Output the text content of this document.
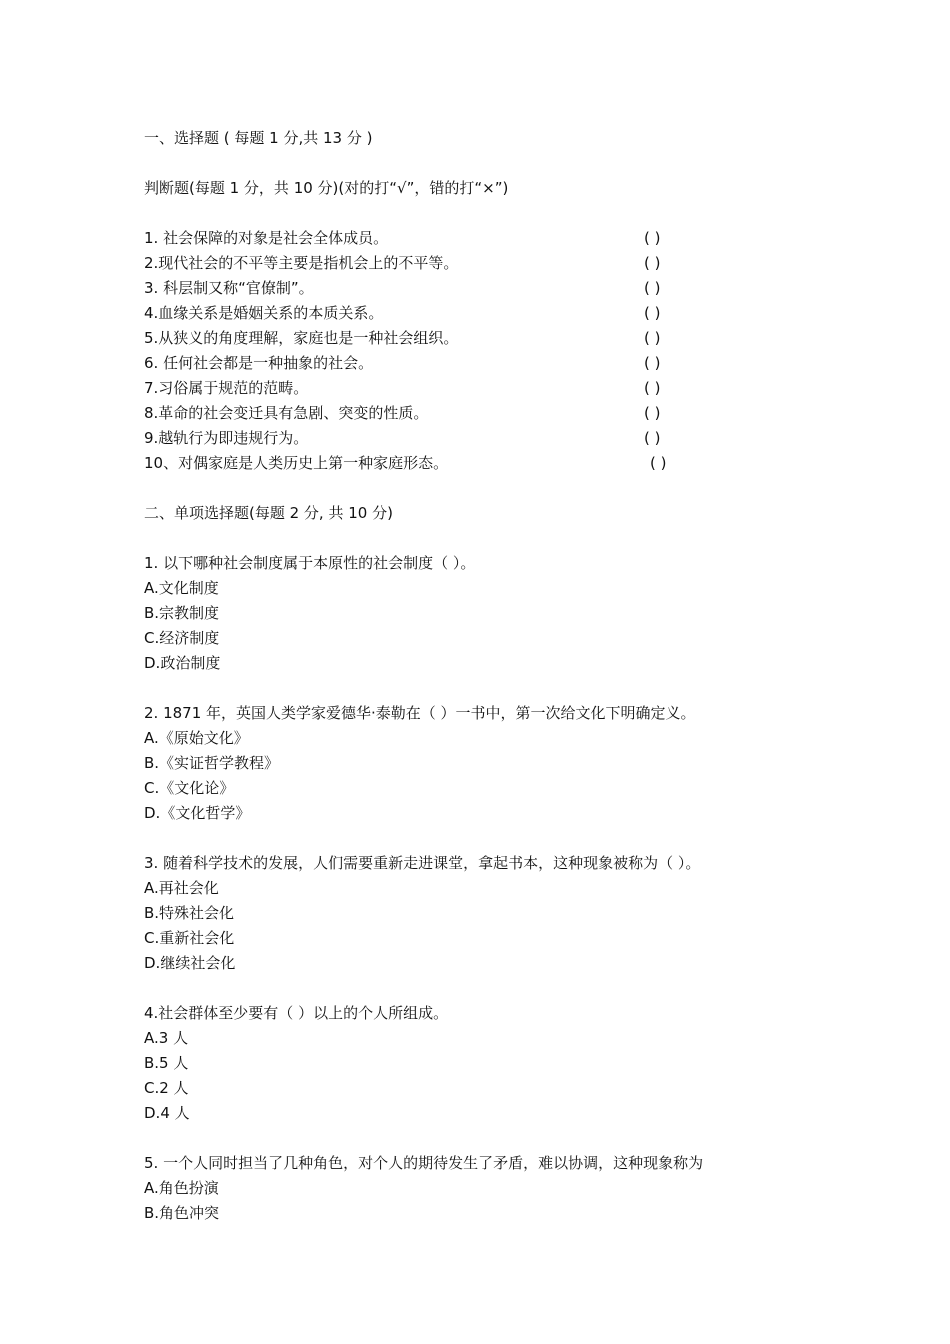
一、选择题 ( 每题 1 分,共 13 分 )
判断题(每题 1 分，共 10 分)(对的打“√”，错的打“×”)
1. 社会保障的对象是社会全体成员。	( )
2.现代社会的不平等主要是指机会上的不平等。	( )
3. 科层制又称“官僚制”。	( )
4.血缘关系是婚姻关系的本质关系。	( )
5.从狭义的角度理解，家庭也是一种社会组织。	( )
6. 任何社会都是一种抽象的社会。	( )
7.习俗属于规范的范畴。	( )
8.革命的社会变迁具有急剧、突变的性质。	( )
9.越轨行为即违规行为。	( )
10、对偶家庭是人类历史上第一种家庭形态。	( )
二、单项选择题(每题 2 分, 共 10 分)
1. 以下哪种社会制度属于本原性的社会制度（ ）。
A.文化制度
B.宗教制度
C.经济制度
D.政治制度
2. 1871 年，英国人类学家爱德华·泰勒在（ ）一书中，第一次给文化下明确定义。
A.《原始文化》
B.《实证哲学教程》
C.《文化论》
D.《文化哲学》
3. 随着科学技术的发展，人们需要重新走进课堂，拿起书本，这种现象被称为（ ）。
A.再社会化
B.特殊社会化
C.重新社会化
D.继续社会化
4.社会群体至少要有（ ）以上的个人所组成。
A.3 人
B.5 人
C.2 人
D.4 人
5. 一个人同时担当了几种角色，对个人的期待发生了矛盾，难以协调，这种现象称为
A.角色扮演
B.角色冲突
